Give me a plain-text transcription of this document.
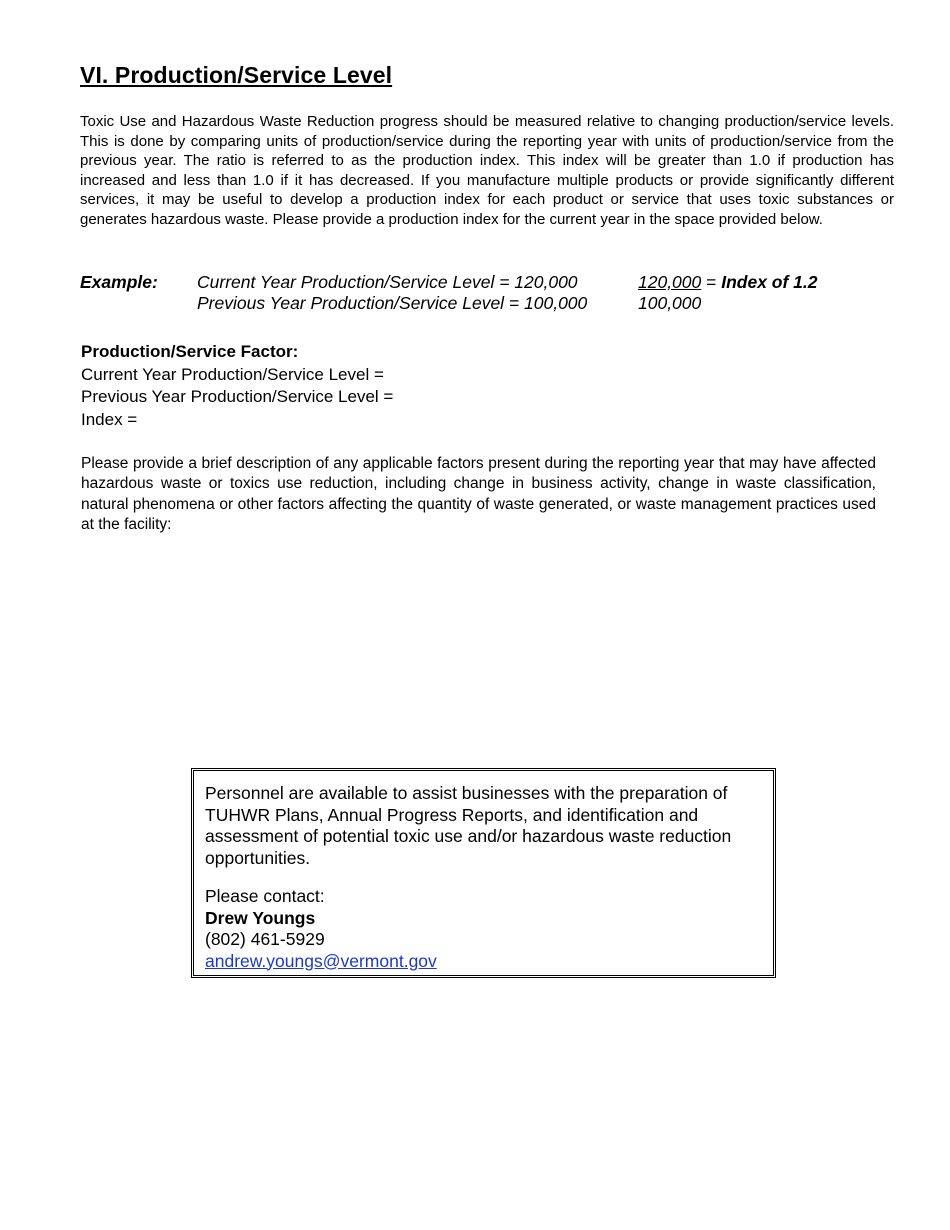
VI. Production/Service Level

Toxic Use and Hazardous Waste Reduction progress should be measured relative to changing production/service levels. This is done by comparing units of production/service during the reporting year with units of production/service from the previous year. The ratio is referred to as the production index. This index will be greater than 1.0 if production has increased and less than 1.0 if it has decreased. If you manufacture multiple products or provide significantly different services, it may be useful to develop a production index for each product or service that uses toxic substances or generates hazardous waste. Please provide a production index for the current year in the space provided below.

Example: Current Year Production/Service Level = 120,000
Previous Year Production/Service Level = 100,000
120,000 = Index of 1.2
100,000
Production/Service Factor:
Current Year Production/Service Level =
Previous Year Production/Service Level =
Index =

Please provide a brief description of any applicable factors present during the reporting year that may have affected hazardous waste or toxics use reduction, including change in business activity, change in waste classification, natural phenomena or other factors affecting the quantity of waste generated, or waste management practices used at the facility:

Personnel are available to assist businesses with the preparation of TUHWR Plans, Annual Progress Reports, and identification and assessment of potential toxic use and/or hazardous waste reduction opportunities.

Please contact:

Drew Youngs

(802) 461-5929

andrew.youngs@vermont.gov
